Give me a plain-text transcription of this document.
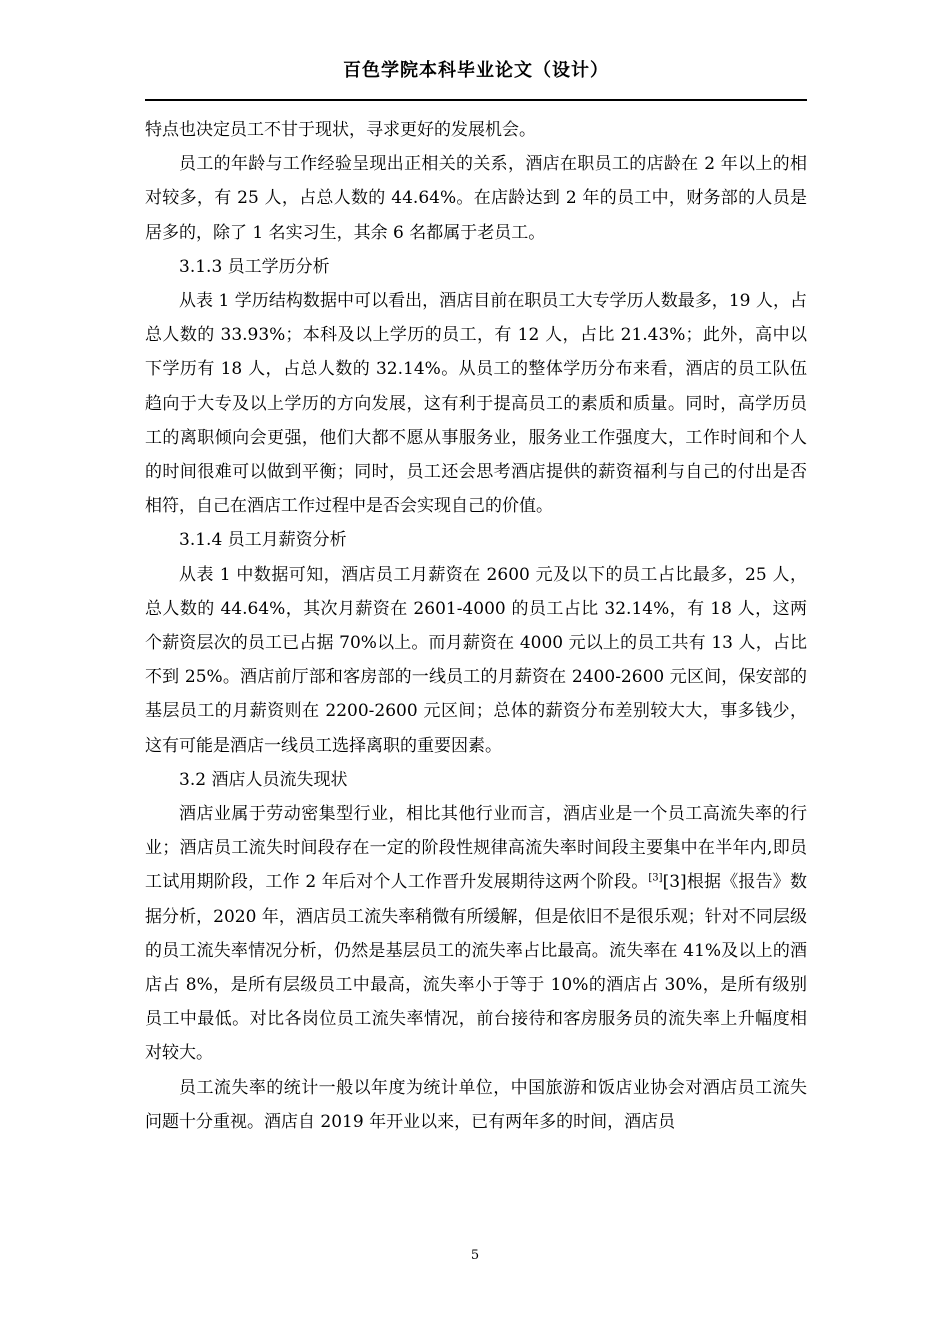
百色学院本科毕业论文（设计）

特点也决定员工不甘于现状，寻求更好的发展机会。

员工的年龄与工作经验呈现出正相关的关系，酒店在职员工的店龄在 2 年以上的相对较多，有 25 人，占总人数的 44.64%。在店龄达到 2 年的员工中，财务部的人员是居多的，除了 1 名实习生，其余 6 名都属于老员工。

3.1.3 员工学历分析

从表 1 学历结构数据中可以看出，酒店目前在职员工大专学历人数最多，19 人，占总人数的 33.93%；本科及以上学历的员工，有 12 人，占比 21.43%；此外，高中以下学历有 18 人，占总人数的 32.14%。从员工的整体学历分布来看，酒店的员工队伍趋向于大专及以上学历的方向发展，这有利于提高员工的素质和质量。同时，高学历员工的离职倾向会更强，他们大都不愿从事服务业，服务业工作强度大，工作时间和个人的时间很难可以做到平衡；同时，员工还会思考酒店提供的薪资福利与自己的付出是否相符，自己在酒店工作过程中是否会实现自己的价值。

3.1.4 员工月薪资分析

从表 1 中数据可知，酒店员工月薪资在 2600 元及以下的员工占比最多，25 人，总人数的 44.64%，其次月薪资在 2601-4000 的员工占比 32.14%，有 18 人，这两个薪资层次的员工已占据 70%以上。而月薪资在 4000 元以上的员工共有 13 人，占比不到 25%。酒店前厅部和客房部的一线员工的月薪资在 2400-2600 元区间，保安部的基层员工的月薪资则在 2200-2600 元区间；总体的薪资分布差别较大大，事多钱少，这有可能是酒店一线员工选择离职的重要因素。

3.2 酒店人员流失现状

酒店业属于劳动密集型行业，相比其他行业而言，酒店业是一个员工高流失率的行业；酒店员工流失时间段存在一定的阶段性规律高流失率时间段主要集中在半年内,即员工试用期阶段，工作 2 年后对个人工作晋升发展期待这两个阶段。[3][3]根据《报告》数据分析，2020 年，酒店员工流失率稍微有所缓解，但是依旧不是很乐观；针对不同层级的员工流失率情况分析，仍然是基层员工的流失率占比最高。流失率在 41%及以上的酒店占 8%，是所有层级员工中最高，流失率小于等于 10%的酒店占 30%，是所有级别员工中最低。对比各岗位员工流失率情况，前台接待和客房服务员的流失率上升幅度相对较大。

员工流失率的统计一般以年度为统计单位，中国旅游和饭店业协会对酒店员工流失问题十分重视。酒店自 2019 年开业以来，已有两年多的时间，酒店员

5
